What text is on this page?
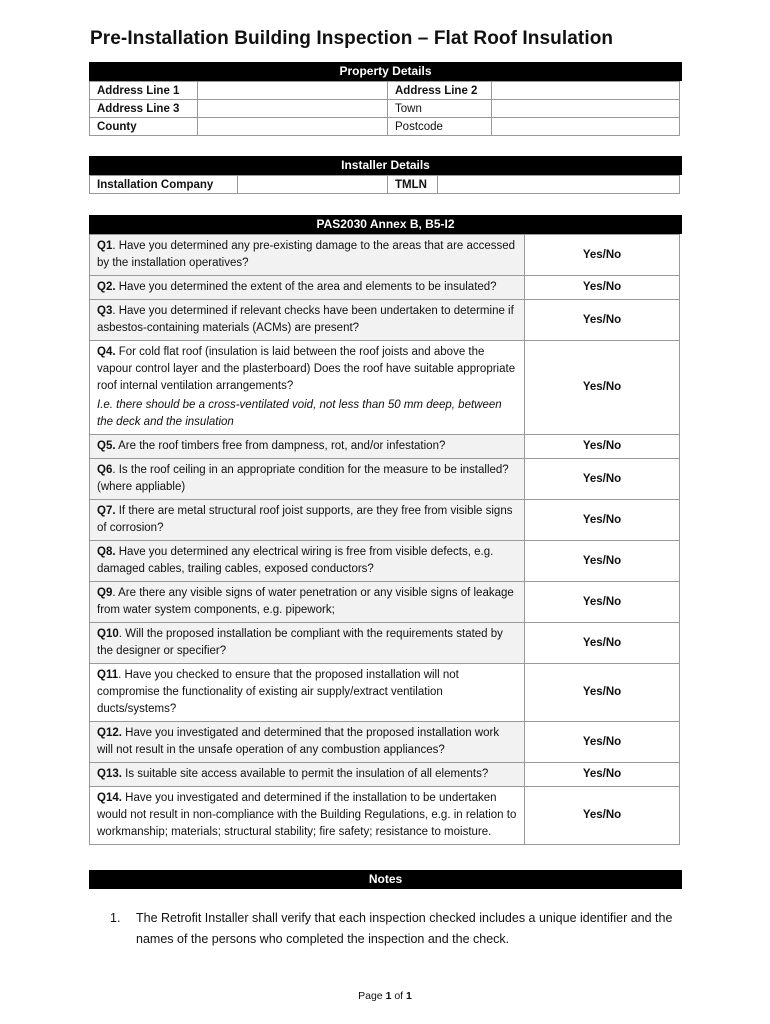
Pre-Installation Building Inspection – Flat Roof Insulation
Property Details
Address Line 1		Address Line 2	
Address Line 3		Town	
County		Postcode	
Installer Details
Installation Company		TMLN	
PAS2030 Annex B, B5-I2
Q1. Have you determined any pre-existing damage to the areas that are accessed by the installation operatives?	Yes/No
Q2. Have you determined the extent of the area and elements to be insulated?	Yes/No
Q3. Have you determined if relevant checks have been undertaken to determine if asbestos-containing materials (ACMs) are present?	Yes/No
Q4. For cold flat roof (insulation is laid between the roof joists and above the vapour control layer and the plasterboard) Does the roof have suitable appropriate roof internal ventilation arrangements?
I.e. there should be a cross-ventilated void, not less than 50 mm deep, between the deck and the insulation	Yes/No
Q5. Are the roof timbers free from dampness, rot, and/or infestation?	Yes/No
Q6. Is the roof ceiling in an appropriate condition for the measure to be installed? (where appliable)	Yes/No
Q7. If there are metal structural roof joist supports, are they free from visible signs of corrosion?	Yes/No
Q8. Have you determined any electrical wiring is free from visible defects, e.g. damaged cables, trailing cables, exposed conductors?	Yes/No
Q9. Are there any visible signs of water penetration or any visible signs of leakage from water system components, e.g. pipework;	Yes/No
Q10. Will the proposed installation be compliant with the requirements stated by the designer or specifier?	Yes/No
Q11. Have you checked to ensure that the proposed installation will not compromise the functionality of existing air supply/extract ventilation ducts/systems?	Yes/No
Q12. Have you investigated and determined that the proposed installation work will not result in the unsafe operation of any combustion appliances?	Yes/No
Q13. Is suitable site access available to permit the insulation of all elements?	Yes/No
Q14. Have you investigated and determined if the installation to be undertaken would not result in non-compliance with the Building Regulations, e.g. in relation to workmanship; materials; structural stability; fire safety; resistance to moisture.	Yes/No
Notes
1. The Retrofit Installer shall verify that each inspection checked includes a unique identifier and the names of the persons who completed the inspection and the check.
Page 1 of 1
